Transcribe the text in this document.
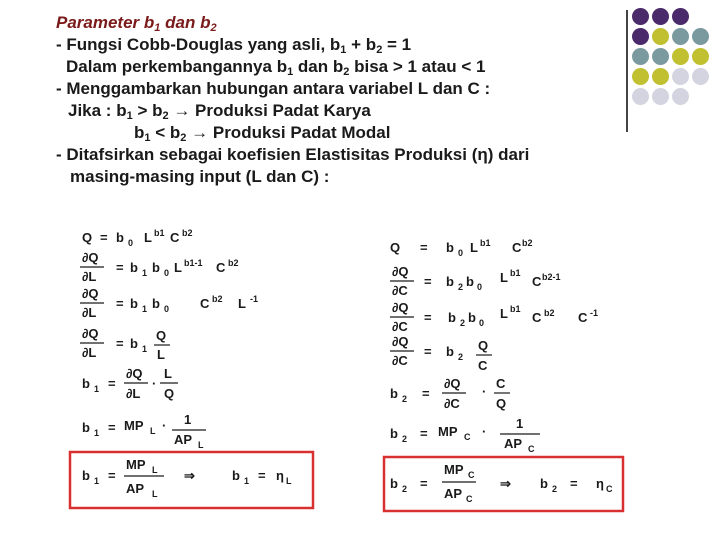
Parameter $b_1$ dan $b_2$
- Fungsi Cobb-Douglas yang asli, $b_1 + b_2 = 1$
Dalam perkembangannya $b_1$ dan $b_2$ bisa > 1 atau < 1
- Menggambarkan hubungan antara variabel L dan C :
Jika : $b_1 > b_2$ → Produksi Padat Karya
$b_1 < b_2$ → Produksi Padat Modal
- Ditafsirkan sebagai koefisien Elastisitas Produksi (η) dari
masing-masing input (L dan C) :
Q = b 0 L b1 C b2
∂Q
∂L
= b 1 b 0 L b1-1 C b2
∂Q
∂L
= b 1 b 0 C b2 L -1
∂Q
∂L
= b 1
Q
L
b 1 =
∂Q
∂L
·
L
Q
b 1 = MP L · 1
AP L
b 1 =
MP L
AP L
⇒	b 1 = η L
Q = b 0 L b1 C b2
∂Q
∂C
= b 2 b 0
L b1
C b2-1
∂Q
∂C
= b 2 b 0
L b1
C b2 C -1
∂Q
∂C
= b 2
Q
C
b 2 =
∂Q
∂C
·
C
Q
b 2 = MP C ·
1
AP C
b 2 =
MP C
AP C
⇒ b 2 = η C
